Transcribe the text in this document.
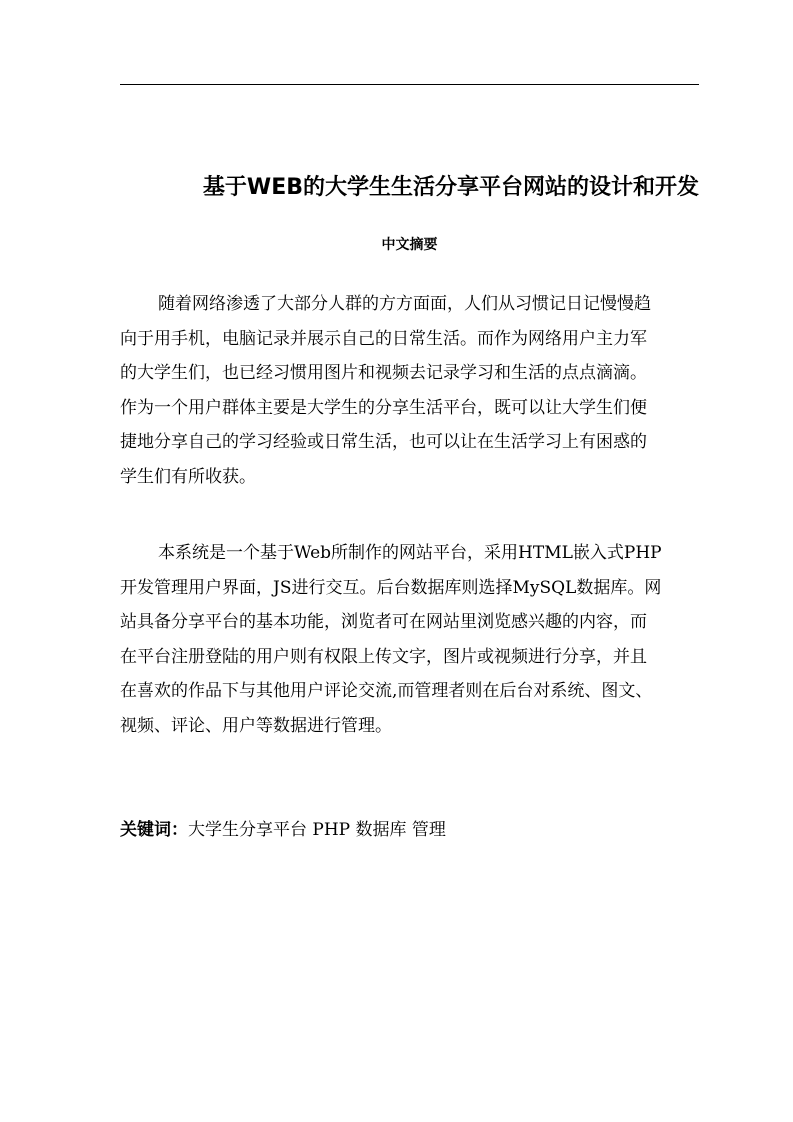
基于WEB的大学生生活分享平台网站的设计和开发
中文摘要
随着网络渗透了大部分人群的方方面面，人们从习惯记日记慢慢趋
向于用手机，电脑记录并展示自己的日常生活。而作为网络用户主力军
的大学生们，也已经习惯用图片和视频去记录学习和生活的点点滴滴。
作为一个用户群体主要是大学生的分享生活平台，既可以让大学生们便
捷地分享自己的学习经验或日常生活，也可以让在生活学习上有困惑的
学生们有所收获。
本系统是一个基于Web所制作的网站平台，采用HTML嵌入式PHP
开发管理用户界面，JS进行交互。后台数据库则选择MySQL数据库。网
站具备分享平台的基本功能，浏览者可在网站里浏览感兴趣的内容，而
在平台注册登陆的用户则有权限上传文字，图片或视频进行分享，并且
在喜欢的作品下与其他用户评论交流,而管理者则在后台对系统、图文、
视频、评论、用户等数据进行管理。
关键词：大学生分享平台 PHP 数据库 管理
